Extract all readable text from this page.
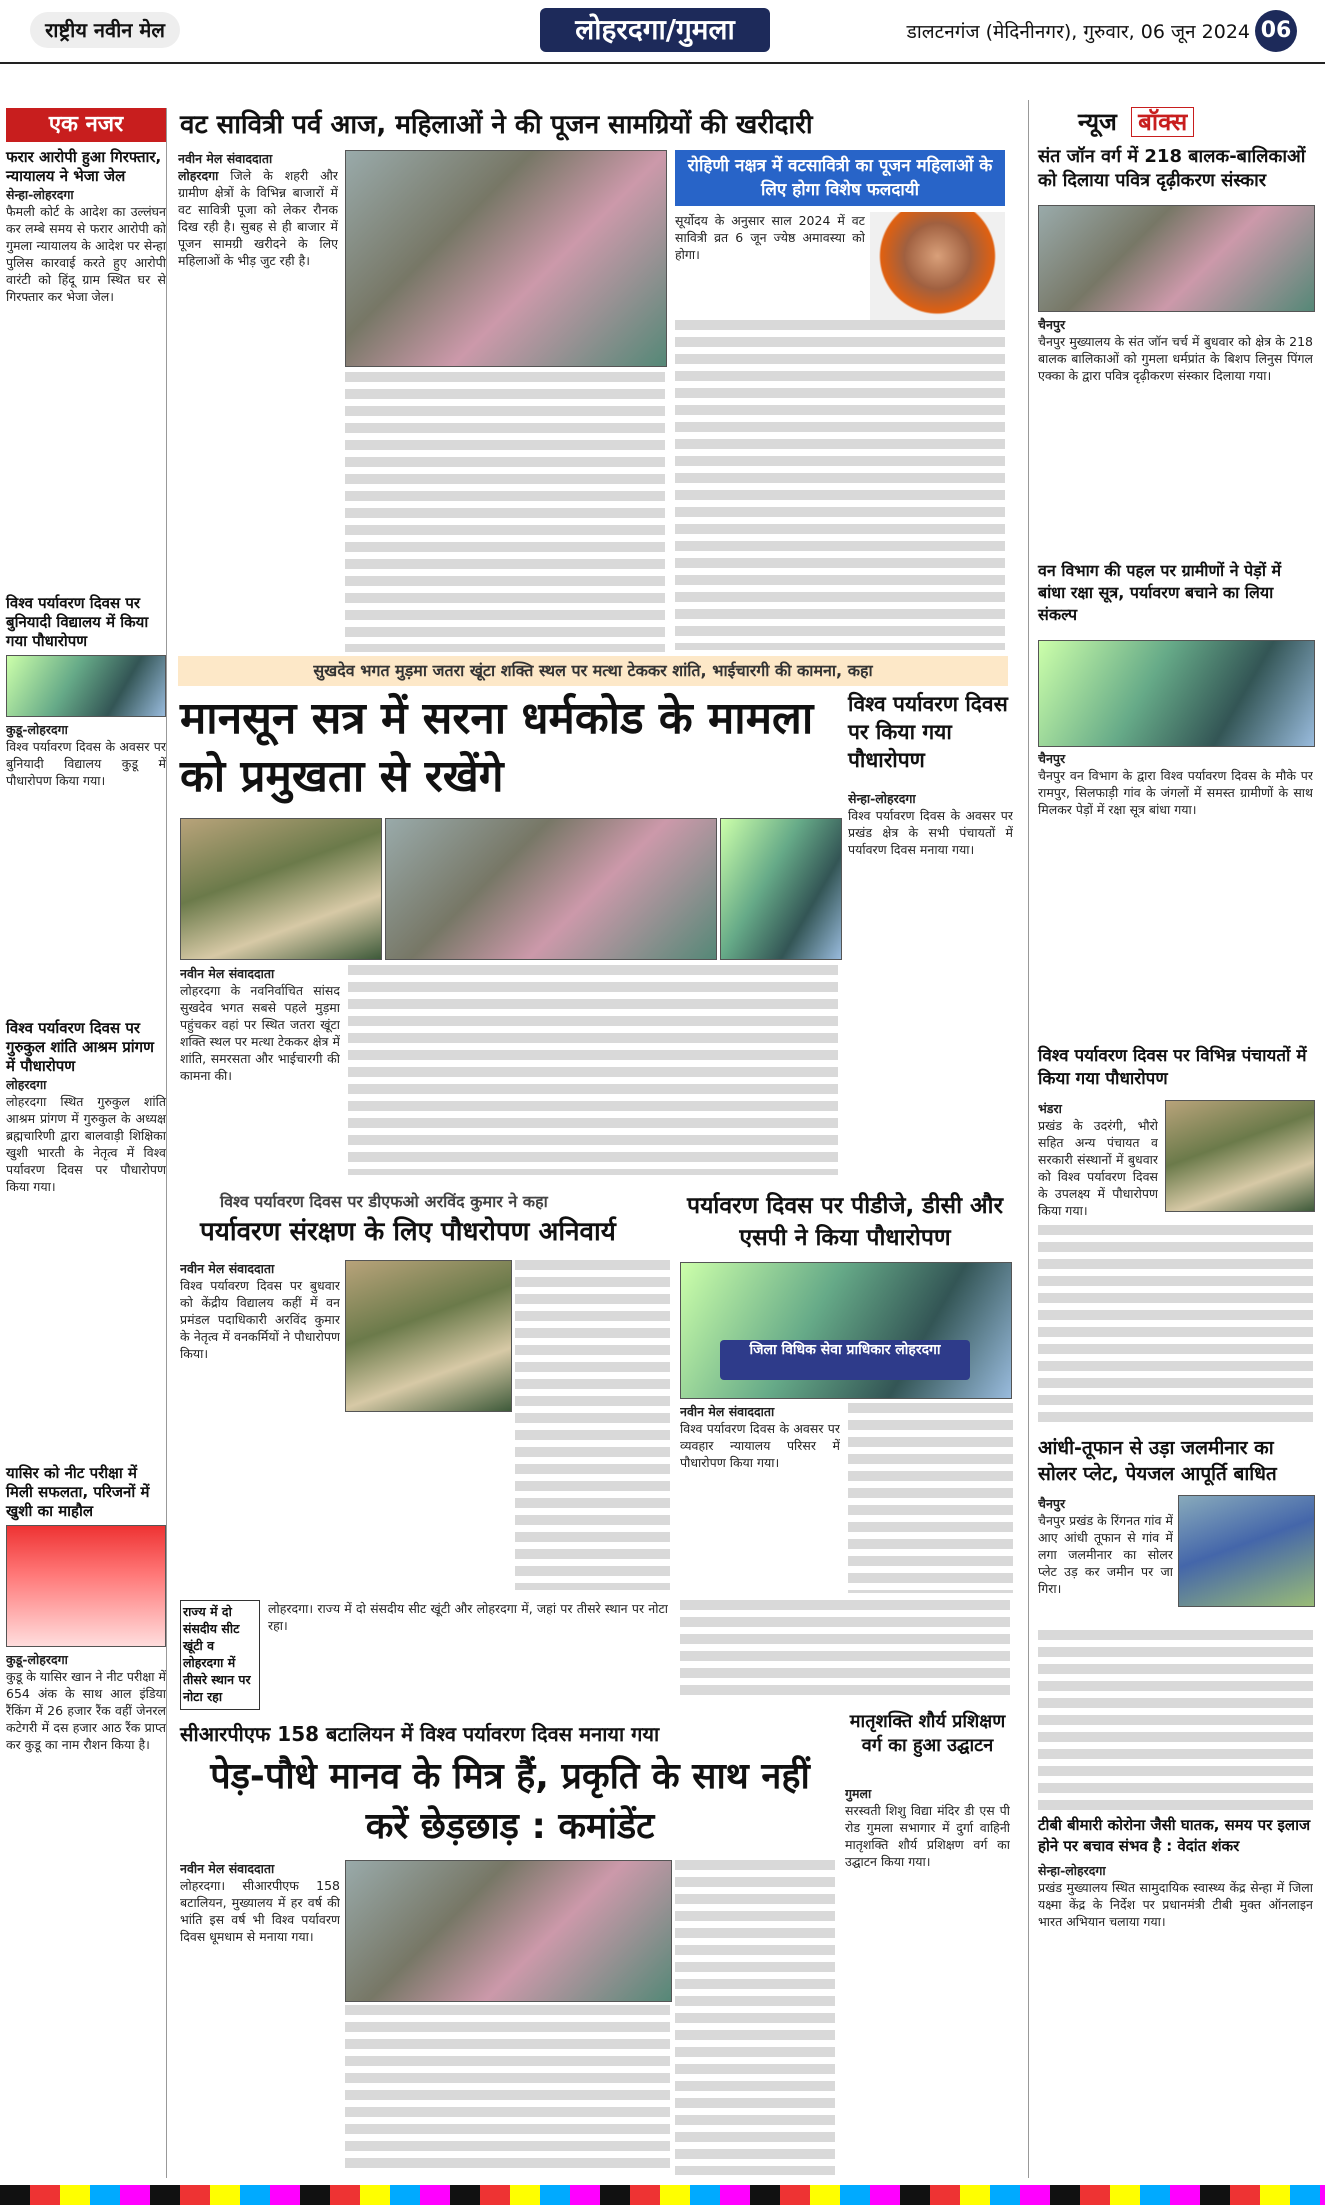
राष्ट्रीय नवीन मेल	लोहरदगा/गुमला	डालटनगंज (मेदिनीनगर), गुरुवार, 06 जून 2024 06
एक नजर
फरार आरोपी हुआ गिरफ्तार, न्यायालय ने भेजा जेल
सेन्हा-लोहरदगा
फैमली कोर्ट के आदेश का उल्लंघन कर लम्बे समय से फरार आरोपी को गुमला न्यायालय के आदेश पर सेन्हा पुलिस कारवाई करते हुए आरोपी वारंटी को हिंदू ग्राम स्थित घर से गिरफ्तार कर भेजा जेल।
विश्व पर्यावरण दिवस पर बुनियादी विद्यालय में किया गया पौधारोपण
कुडू-लोहरदगा
विश्व पर्यावरण दिवस के अवसर पर बुनियादी विद्यालय कुडू में पौधारोपण किया गया।
विश्व पर्यावरण दिवस पर गुरुकुल शांति आश्रम प्रांगण में पौधारोपण
लोहरदगा
लोहरदगा स्थित गुरुकुल शांति आश्रम प्रांगण में गुरुकुल के अध्यक्ष ब्रह्मचारिणी द्वारा बालवाड़ी शिक्षिका खुशी भारती के नेतृत्व में विश्व पर्यावरण दिवस पर पौधारोपण किया गया।
यासिर को नीट परीक्षा में मिली सफलता, परिजनों में खुशी का माहौल
कुडू-लोहरदगा
कुडू के यासिर खान ने नीट परीक्षा में 654 अंक के साथ आल इंडिया रैंकिंग में 26 हजार रैंक वहीं जेनरल कटेगरी में दस हजार आठ रैंक प्राप्त कर कुडू का नाम रौशन किया है।
वट सावित्री पर्व आज, महिलाओं ने की पूजन सामग्रियों की खरीदारी
नवीन मेल संवाददाता
लोहरदगा जिले के शहरी और ग्रामीण क्षेत्रों के विभिन्न बाजारों में वट सावित्री पूजा को लेकर रौनक दिख रही है। सुबह से ही बाजार में पूजन सामग्री खरीदने के लिए महिलाओं के भीड़ जुट रही है।
रोहिणी नक्षत्र में वटसावित्री का पूजन महिलाओं के लिए होगा विशेष फलदायी
सूर्योदय के अनुसार साल 2024 में वट सावित्री व्रत 6 जून ज्येष्ठ अमावस्या को होगा।
सुखदेव भगत मुड़मा जतरा खूंटा शक्ति स्थल पर मत्था टेककर शांति, भाईचारगी की कामना, कहा
मानसून सत्र में सरना धर्मकोड के मामला को प्रमुखता से रखेंगे
नवीन मेल संवाददाता
लोहरदगा के नवनिर्वाचित सांसद सुखदेव भगत सबसे पहले मुड़मा पहुंचकर वहां पर स्थित जतरा खूंटा शक्ति स्थल पर मत्था टेककर क्षेत्र में शांति, समरसता और भाईचारगी की कामना की।
विश्व पर्यावरण दिवस पर किया गया पौधारोपण
सेन्हा-लोहरदगा
विश्व पर्यावरण दिवस के अवसर पर प्रखंड क्षेत्र के सभी पंचायतों में पर्यावरण दिवस मनाया गया।
विश्व पर्यावरण दिवस पर डीएफओ अरविंद कुमार ने कहा
पर्यावरण संरक्षण के लिए पौधरोपण अनिवार्य
नवीन मेल संवाददाता
विश्व पर्यावरण दिवस पर बुधवार को केंद्रीय विद्यालय कहीं में वन प्रमंडल पदाधिकारी अरविंद कुमार के नेतृत्व में वनकर्मियों ने पौधारोपण किया।
पर्यावरण दिवस पर पीडीजे, डीसी और एसपी ने किया पौधारोपण
जिला विधिक सेवा प्राधिकार लोहरदगा
नवीन मेल संवाददाता
विश्व पर्यावरण दिवस के अवसर पर व्यवहार न्यायालय परिसर में पौधारोपण किया गया।
राज्य में दो संसदीय सीट खूंटी व लोहरदगा में तीसरे स्थान पर नोटा रहा
लोहरदगा। राज्य में दो संसदीय सीट खूंटी और लोहरदगा में, जहां पर तीसरे स्थान पर नोटा रहा।
मातृशक्ति शौर्य प्रशिक्षण वर्ग का हुआ उद्घाटन
गुमला
सरस्वती शिशु विद्या मंदिर डी एस पी रोड गुमला सभागार में दुर्गा वाहिनी मातृशक्ति शौर्य प्रशिक्षण वर्ग का उद्घाटन किया गया।
सीआरपीएफ 158 बटालियन में विश्व पर्यावरण दिवस मनाया गया
पेड़-पौधे मानव के मित्र हैं, प्रकृति के साथ नहीं करें छेड़छाड़ : कमांडेंट
नवीन मेल संवाददाता
लोहरदगा। सीआरपीएफ 158 बटालियन, मुख्यालय में हर वर्ष की भांति इस वर्ष भी विश्व पर्यावरण दिवस धूमधाम से मनाया गया।
न्यूज बॉक्स
संत जॉन वर्ग में 218 बालक-बालिकाओं को दिलाया पवित्र दृढ़ीकरण संस्कार
चैनपुर
चैनपुर मुख्यालय के संत जॉन चर्च में बुधवार को क्षेत्र के 218 बालक बालिकाओं को गुमला धर्मप्रांत के बिशप लिनुस पिंगल एक्का के द्वारा पवित्र दृढ़ीकरण संस्कार दिलाया गया।
वन विभाग की पहल पर ग्रामीणों ने पेड़ों में बांधा रक्षा सूत्र, पर्यावरण बचाने का लिया संकल्प
चैनपुर
चैनपुर वन विभाग के द्वारा विश्व पर्यावरण दिवस के मौके पर रामपुर, सिलफाड़ी गांव के जंगलों में समस्त ग्रामीणों के साथ मिलकर पेड़ों में रक्षा सूत्र बांधा गया।
विश्व पर्यावरण दिवस पर विभिन्न पंचायतों में किया गया पौधारोपण
भंडरा
प्रखंड के उदरंगी, भौरो सहित अन्य पंचायत व सरकारी संस्थानों में बुधवार को विश्व पर्यावरण दिवस के उपलक्ष्य में पौधारोपण किया गया।
आंधी-तूफान से उड़ा जलमीनार का सोलर प्लेट, पेयजल आपूर्ति बाधित
चैनपुर
चैनपुर प्रखंड के रिंगनत गांव में आए आंधी तूफान से गांव में लगा जलमीनार का सोलर प्लेट उड़ कर जमीन पर जा गिरा।
टीबी बीमारी कोरोना जैसी घातक, समय पर इलाज होने पर बचाव संभव है : वेदांत शंकर
सेन्हा-लोहरदगा
प्रखंड मुख्यालय स्थित सामुदायिक स्वास्थ्य केंद्र सेन्हा में जिला यक्ष्मा केंद्र के निर्देश पर प्रधानमंत्री टीबी मुक्त ऑनलाइन भारत अभियान चलाया गया।
